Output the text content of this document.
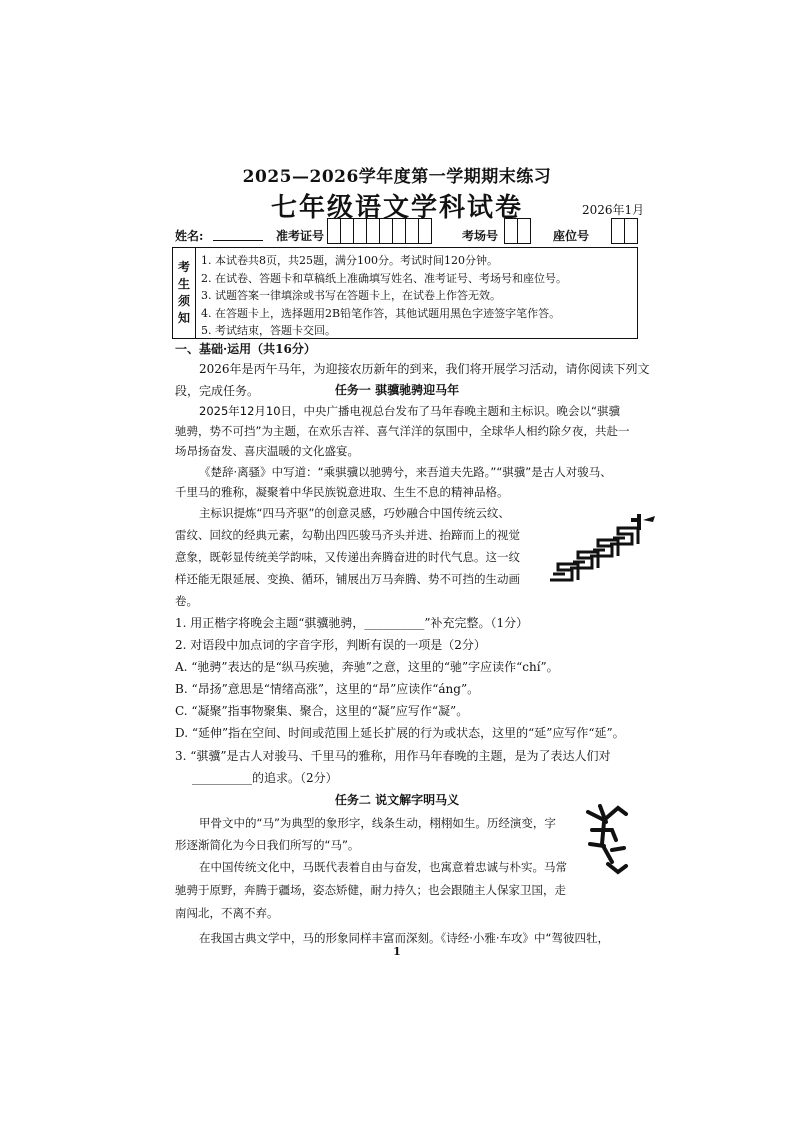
2025—2026学年度第一学期期末练习
七年级语文学科试卷	2026年1月
姓名:	准考证号	考场号	座位号
考
生
须
知
1. 本试卷共8页，共25题，满分100分。考试时间120分钟。
2. 在试卷、答题卡和草稿纸上准确填写姓名、准考证号、考场号和座位号。
3. 试题答案一律填涂或书写在答题卡上，在试卷上作答无效。
4. 在答题卡上，选择题用2B铅笔作答，其他试题用黑色字迹签字笔作答。
5. 考试结束，答题卡交回。
一、基础·运用（共16分）
2026年是丙午马年，为迎接农历新年的到来，我们将开展学习活动，请你阅读下列文
段，完成任务。	任务一 骐骥驰骋迎马年
2025年12月10日，中央广播电视总台发布了马年春晚主题和主标识。晚会以“骐骥
驰骋，势不可挡”为主题，在欢乐吉祥、喜气洋洋的氛围中，全球华人相约除夕夜，共赴一
场昂扬奋发、喜庆温暖的文化盛宴。
《楚辞·离骚》中写道：“乘骐骥以驰骋兮，来吾道夫先路。”“骐骥”是古人对骏马、
千里马的雅称，凝聚着中华民族锐意进取、生生不息的精神品格。
主标识提炼“四马齐驱”的创意灵感，巧妙融合中国传统云纹、
雷纹、回纹的经典元素，勾勒出四匹骏马齐头并进、抬蹄而上的视觉
意象，既彰显传统美学韵味，又传递出奔腾奋进的时代气息。这一纹
样还能无限延展、变换、循环，铺展出万马奔腾、势不可挡的生动画
卷。
1. 用正楷字将晚会主题“骐骥驰骋，__________”补充完整。（1分）
2. 对语段中加点词的字音字形，判断有误的一项是（2分）
A. “驰骋”表达的是“纵马疾驰，奔驰”之意，这里的“驰”字应读作“chí”。
B. “昂扬”意思是“情绪高涨”，这里的“昂”应读作“áng”。
C. “凝聚”指事物聚集、聚合，这里的“凝”应写作“凝”。
D. “延伸”指在空间、时间或范围上延长扩展的行为或状态，这里的“延”应写作“延”。
3. “骐骥”是古人对骏马、千里马的雅称，用作马年春晚的主题，是为了表达人们对
__________的追求。（2分）
任务二 说文解字明马义
甲骨文中的“马”为典型的象形字，线条生动，栩栩如生。历经演变，字
形逐渐简化为今日我们所写的“马”。
在中国传统文化中，马既代表着自由与奋发，也寓意着忠诚与朴实。马常
驰骋于原野，奔腾于疆场，姿态矫健，耐力持久；也会跟随主人保家卫国，走
南闯北，不离不弃。
在我国古典文学中，马的形象同样丰富而深刻。《诗经·小雅·车攻》中“驾彼四牡，
1
